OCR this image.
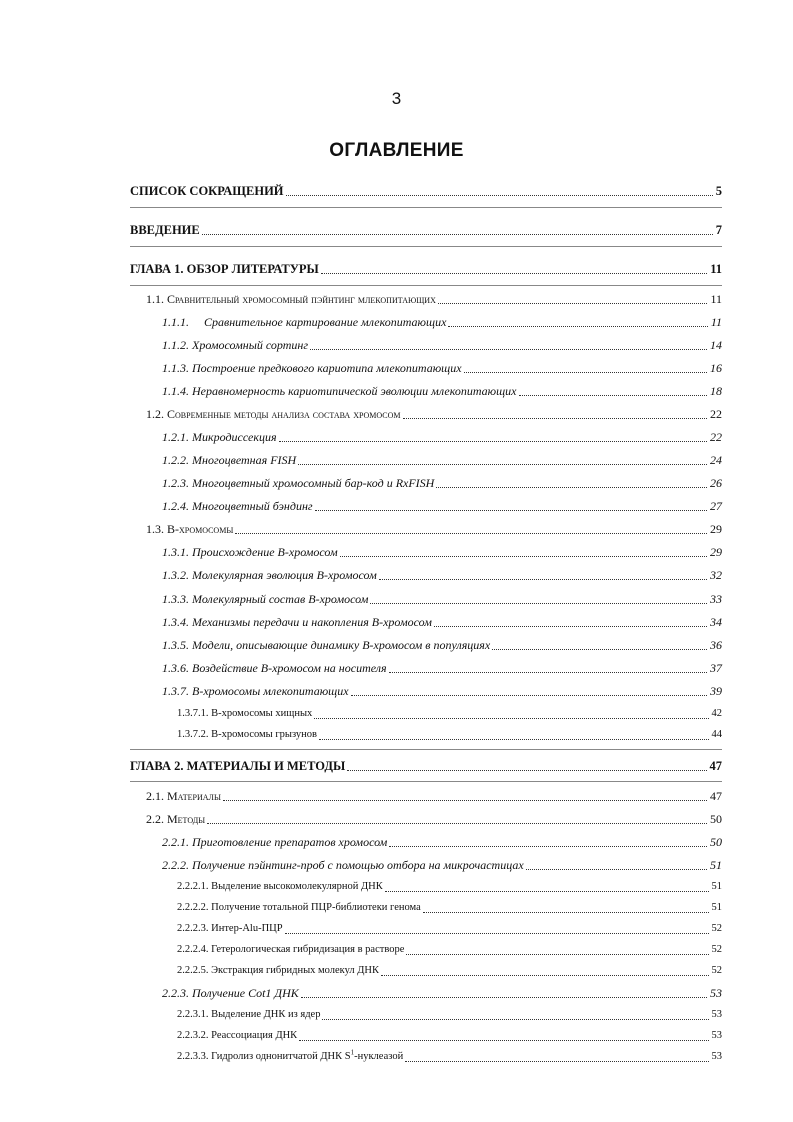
3
ОГЛАВЛЕНИЕ
СПИСОК СОКРАЩЕНИЙ	5
ВВЕДЕНИЕ	7
ГЛАВА 1. ОБЗОР ЛИТЕРАТУРЫ	11
1.1. Сравнительный хромосомный пэйнтинг млекопитающих	11
1.1.1.     Сравнительное картирование млекопитающих	11
1.1.2. Хромосомный сортинг	14
1.1.3. Построение предкового кариотипа млекопитающих	16
1.1.4. Неравномерность кариотипической эволюции млекопитающих	18
1.2. Современные методы анализа состава хромосом	22
1.2.1. Микродиссекция	22
1.2.2. Многоцветная FISH	24
1.2.3. Многоцветный хромосомный бар-код и RxFISH	26
1.2.4. Многоцветный бэндинг	27
1.3. B-хромосомы	29
1.3.1. Происхождение B-хромосом	29
1.3.2. Молекулярная эволюция B-хромосом	32
1.3.3. Молекулярный состав B-хромосом	33
1.3.4. Механизмы передачи и накопления B-хромосом	34
1.3.5. Модели, описывающие динамику B-хромосом в популяциях	36
1.3.6. Воздействие B-хромосом на носителя	37
1.3.7. B-хромосомы млекопитающих	39
1.3.7.1. B-хромосомы хищных	42
1.3.7.2. B-хромосомы грызунов	44
ГЛАВА 2. МАТЕРИАЛЫ И МЕТОДЫ	47
2.1. Материалы	47
2.2. Методы	50
2.2.1. Приготовление препаратов хромосом	50
2.2.2. Получение пэйнтинг-проб с помощью отбора на микрочастицах	51
2.2.2.1. Выделение высокомолекулярной ДНК	51
2.2.2.2. Получение тотальной ПЦР-библиотеки генома	51
2.2.2.3. Интер-Alu-ПЦР	52
2.2.2.4. Гетерологическая гибридизация в растворе	52
2.2.2.5. Экстракция гибридных молекул ДНК	52
2.2.3. Получение Cot1 ДНК	53
2.2.3.1. Выделение ДНК из ядер	53
2.2.3.2. Реассоциация ДНК	53
2.2.3.3. Гидролиз однонитчатой ДНК $S^1$-нуклеазой	53
